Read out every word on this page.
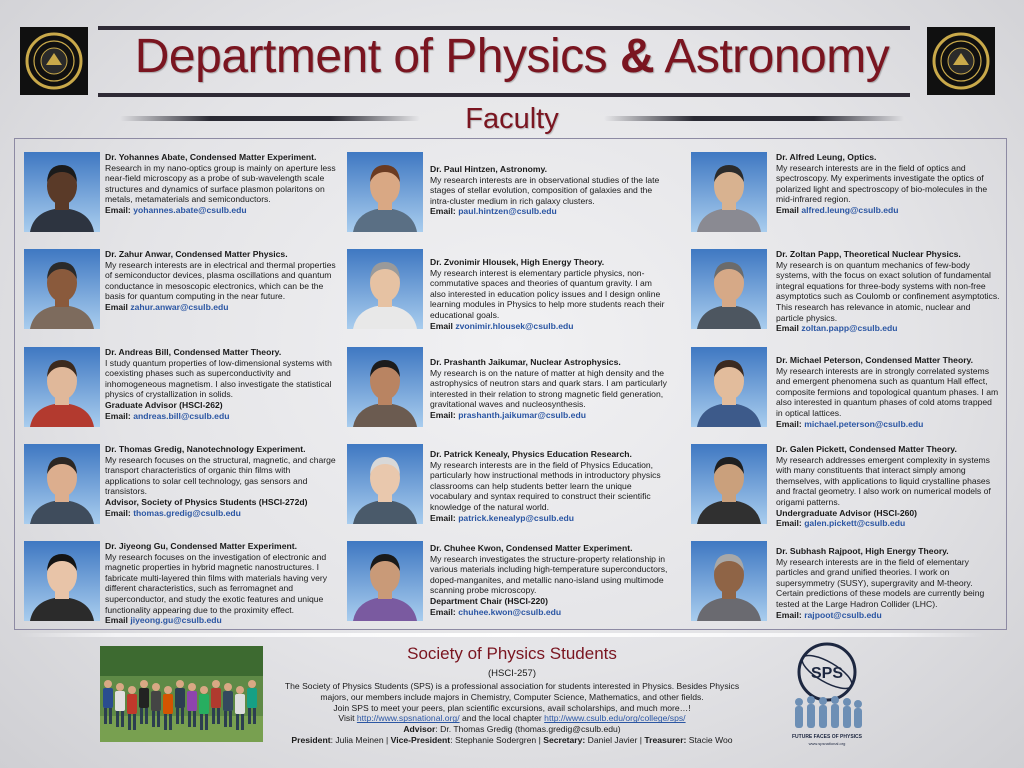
Department of Physics & Astronomy
Faculty
Dr. Yohannes Abate, Condensed Matter Experiment.
Research in my nano-optics group is mainly on aperture less near-field microscopy as a probe of sub-wavelength scale structures and dynamics of surface plasmon polaritons on metals, metamaterials and semiconductors.
Email: yohannes.abate@csulb.edu
Dr. Zahur Anwar, Condensed Matter Physics.
My research interests are in electrical and thermal properties of semiconductor devices, plasma oscillations and quantum conductance in mesoscopic electronics, which can be the basis for quantum computing in the near future.
Email zahur.anwar@csulb.edu
Dr. Andreas Bill, Condensed Matter Theory.
I study quantum properties of low-dimensional systems with coexisting phases such as superconductivity and inhomogeneous magnetism. I also investigate the statistical physics of crystallization in solids.
Graduate Advisor (HSCI-262)
Email: andreas.bill@csulb.edu
Dr. Thomas Gredig, Nanotechnology Experiment.
My research focuses on the structural, magnetic, and charge transport characteristics of organic thin films with applications to solar cell technology, gas sensors and transistors.
Advisor, Society of Physics Students (HSCI-272d)
Email: thomas.gredig@csulb.edu
Dr. Jiyeong Gu, Condensed Matter Experiment.
My research focuses on the investigation of electronic and magnetic properties in hybrid magnetic nanostructures. I fabricate multi-layered thin films with materials having very different characteristics, such as ferromagnet and superconductor, and study the exotic features and unique functionality appearing due to the proximity effect.
Email jiyeong.gu@csulb.edu
Dr. Paul Hintzen, Astronomy.
My research interests are in observational studies of the late stages of stellar evolution, composition of galaxies and the intra-cluster medium in rich galaxy clusters.
Email: paul.hintzen@csulb.edu
Dr. Zvonimir Hlousek, High Energy Theory.
My research interest is elementary particle physics, non-commutative spaces and theories of quantum gravity. I am also interested in education policy issues and I design online learning modules in Physics to help more students reach their educational goals.
Email zvonimir.hlousek@csulb.edu
Dr. Prashanth Jaikumar, Nuclear Astrophysics.
My research is on the nature of matter at high density and the astrophysics of neutron stars and quark stars. I am particularly interested in their relation to strong magnetic field generation, gravitational waves and nucleosynthesis.
Email: prashanth.jaikumar@csulb.edu
Dr. Patrick Kenealy, Physics Education Research.
My research interests are in the field of Physics Education, particularly how instructional methods in introductory physics classrooms can help students better learn the unique vocabulary and syntax required to construct their scientific knowledge of the natural world.
Email: patrick.kenealyp@csulb.edu
Dr. Chuhee Kwon, Condensed Matter Experiment.
My research investigates the structure-property relationship in various materials including high-temperature superconductors, doped-manganites, and metallic nano-island using multimode scanning probe microscopy.
Department Chair (HSCI-220)
Email: chuhee.kwon@csulb.edu
Dr. Alfred Leung, Optics.
My research interests are in the field of optics and spectroscopy. My experiments investigate the optics of polarized light and spectroscopy of bio-molecules in the mid-infrared region.
Email alfred.leung@csulb.edu
Dr. Zoltan Papp, Theoretical Nuclear Physics.
My research is on quantum mechanics of few-body systems, with the focus on exact solution of fundamental integral equations for three-body systems with non-free asymptotics such as Coulomb or confinement asymptotics. This research has relevance in atomic, nuclear and particle physics.
Email zoltan.papp@csulb.edu
Dr. Michael Peterson, Condensed Matter Theory.
My research interests are in strongly correlated systems and emergent phenomena such as quantum Hall effect, composite fermions and topological quantum phases. I am also interested in quantum phases of cold atoms trapped in optical lattices.
Email: michael.peterson@csulb.edu
Dr. Galen Pickett, Condensed Matter Theory.
My research addresses emergent complexity in systems with many constituents that interact simply among themselves, with applications to liquid crystalline phases and fractal geometry. I also work on numerical models of origami patterns.
Undergraduate Advisor (HSCI-260)
Email: galen.pickett@csulb.edu
Dr. Subhash Rajpoot, High Energy Theory.
My research interests are in the field of elementary particles and grand unified theories. I work on supersymmetry (SUSY), supergravity and M-theory. Certain predictions of these models are currently being tested at the Large Hadron Collider (LHC).
Email: rajpoot@csulb.edu
Society of Physics Students
(HSCI-257)
The Society of Physics Students (SPS) is a professional association for students interested in Physics. Besides Physics majors, our members include majors in Chemistry, Computer Science, Mathematics, and other fields.
Join SPS to meet your peers, plan scientific excursions, avail scholarships, and much more…!
Visit http://www.spsnational.org/ and the local chapter http://www.csulb.edu/org/college/sps/
Advisor: Dr. Thomas Gredig (thomas.gredig@csulb.edu)
President: Julia Meinen | Vice-President: Stephanie Sodergren | Secretary: Daniel Javier | Treasurer: Stacie Woo
SPS
FUTURE FACES OF PHYSICS
www.spsnational.org
